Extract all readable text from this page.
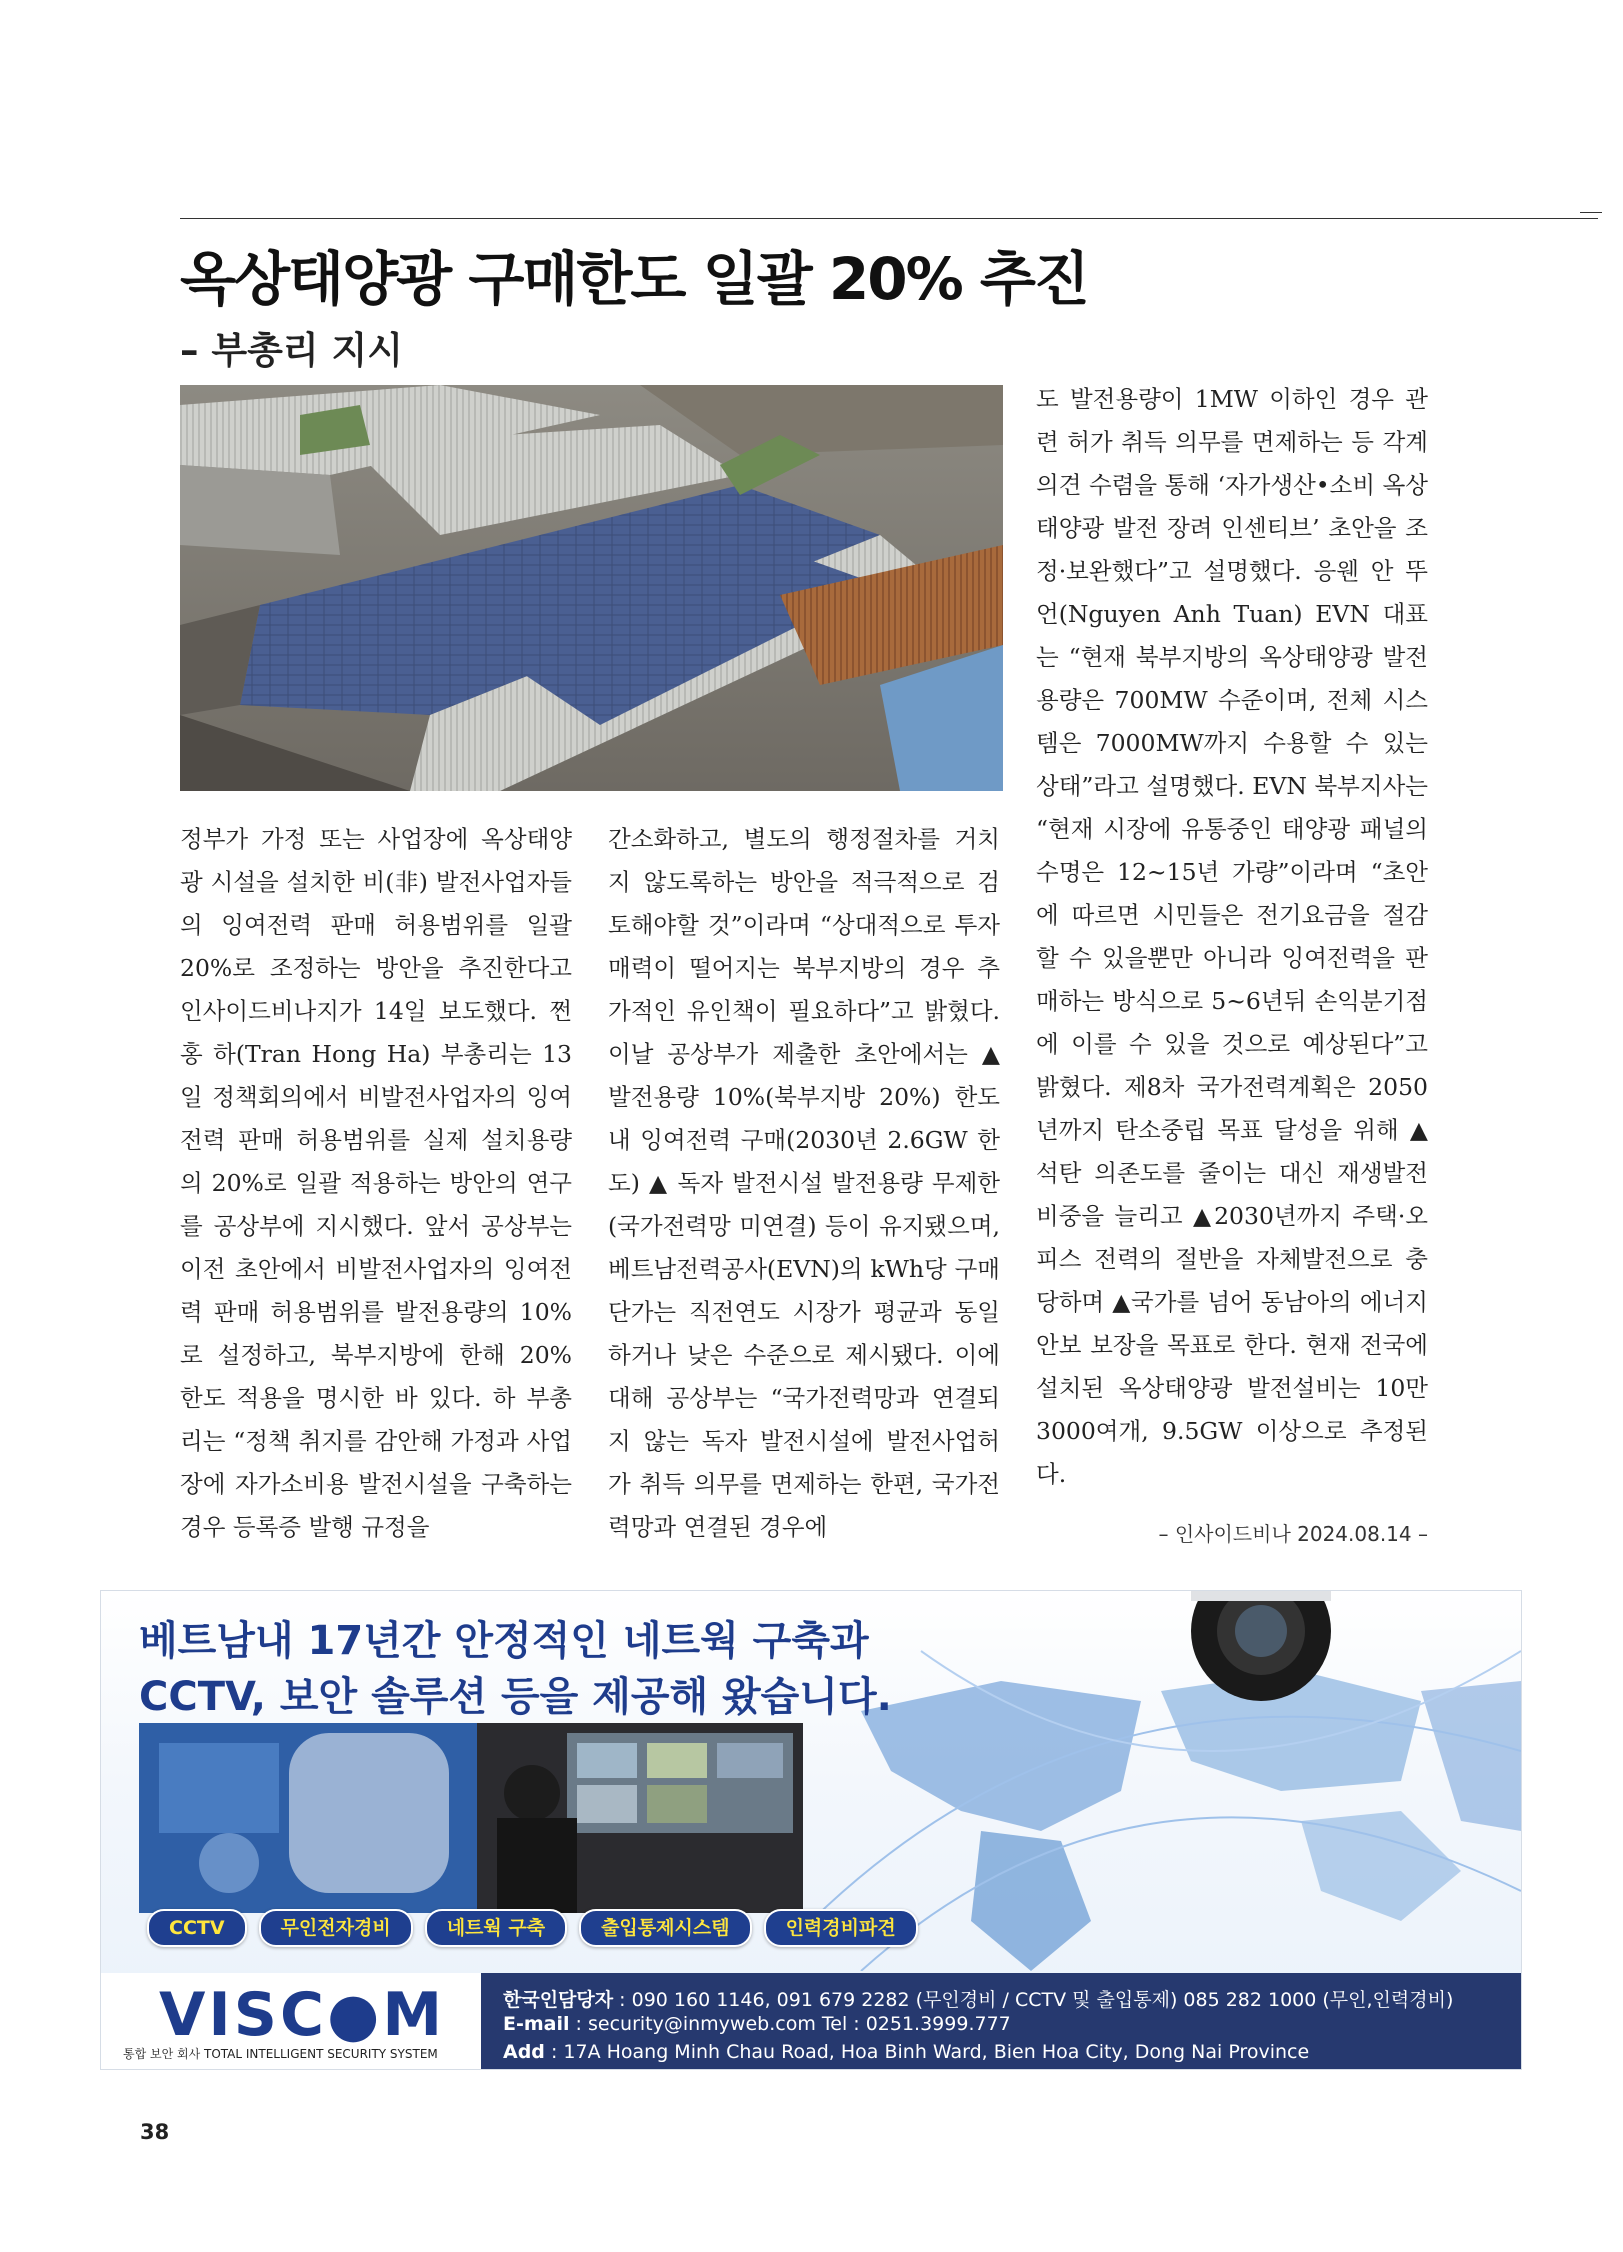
옥상태양광 구매한도 일괄 20% 추진
– 부총리 지시
정부가 가정 또는 사업장에 옥상태양광 시설을 설치한 비(非) 발전사업자들의 잉여전력 판매 허용범위를 일괄 20%로 조정하는 방안을 추진한다고 인사이드비나지가 14일 보도했다. 쩐 홍 하(Tran Hong Ha) 부총리는 13일 정책회의에서 비발전사업자의 잉여전력 판매 허용범위를 실제 설치용량의 20%로 일괄 적용하는 방안의 연구를 공상부에 지시했다. 앞서 공상부는 이전 초안에서 비발전사업자의 잉여전력 판매 허용범위를 발전용량의 10%로 설정하고, 북부지방에 한해 20% 한도 적용을 명시한 바 있다. 하 부총리는 “정책 취지를 감안해 가정과 사업장에 자가소비용 발전시설을 구축하는 경우 등록증 발행 규정을
간소화하고, 별도의 행정절차를 거치지 않도록하는 방안을 적극적으로 검토해야할 것”이라며 “상대적으로 투자매력이 떨어지는 북부지방의 경우 추가적인 유인책이 필요하다”고 밝혔다. 이날 공상부가 제출한 초안에서는 ▲ 발전용량 10%(북부지방 20%) 한도내 잉여전력 구매(2030년 2.6GW 한도) ▲ 독자 발전시설 발전용량 무제한(국가전력망 미연결) 등이 유지됐으며, 베트남전력공사(EVN)의 kWh당 구매단가는 직전연도 시장가 평균과 동일하거나 낮은 수준으로 제시됐다. 이에 대해 공상부는 “국가전력망과 연결되지 않는 독자 발전시설에 발전사업허가 취득 의무를 면제하는 한편, 국가전력망과 연결된 경우에
도 발전용량이 1MW 이하인 경우 관련 허가 취득 의무를 면제하는 등 각계 의견 수렴을 통해 ‘자가생산•소비 옥상태양광 발전 장려 인센티브’ 초안을 조정·보완했다”고 설명했다. 응웬 안 뚜언(Nguyen Anh Tuan) EVN 대표는 “현재 북부지방의 옥상태양광 발전용량은 700MW 수준이며, 전체 시스템은 7000MW까지 수용할 수 있는 상태”라고 설명했다. EVN 북부지사는 “현재 시장에 유통중인 태양광 패널의 수명은 12~15년 가량”이라며 “초안에 따르면 시민들은 전기요금을 절감할 수 있을뿐만 아니라 잉여전력을 판매하는 방식으로 5~6년뒤 손익분기점에 이를 수 있을 것으로 예상된다”고 밝혔다. 제8차 국가전력계획은 2050년까지 탄소중립 목표 달성을 위해 ▲석탄 의존도를 줄이는 대신 재생발전 비중을 늘리고 ▲2030년까지 주택·오피스 전력의 절반을 자체발전으로 충당하며 ▲국가를 넘어 동남아의 에너지 안보 보장을 목표로 한다. 현재 전국에 설치된 옥상태양광 발전설비는 10만3000여개, 9.5GW 이상으로 추정된다.
– 인사이드비나 2024.08.14 –
베트남내 17년간 안정적인 네트웍 구축과
CCTV, 보안 솔루션 등을 제공해 왔습니다.
CCTV	무인전자경비	네트웍 구축	출입통제시스템	인력경비파견
VISC●M
통합 보안 회사 TOTAL INTELLIGENT SECURITY SYSTEM
한국인담당자 : 090 160 1146, 091 679 2282 (무인경비 / CCTV 및 출입통제) 085 282 1000 (무인,인력경비)
E-mail : security@inmyweb.com Tel : 0251.3999.777
Add : 17A Hoang Minh Chau Road, Hoa Binh Ward, Bien Hoa City, Dong Nai Province
38
